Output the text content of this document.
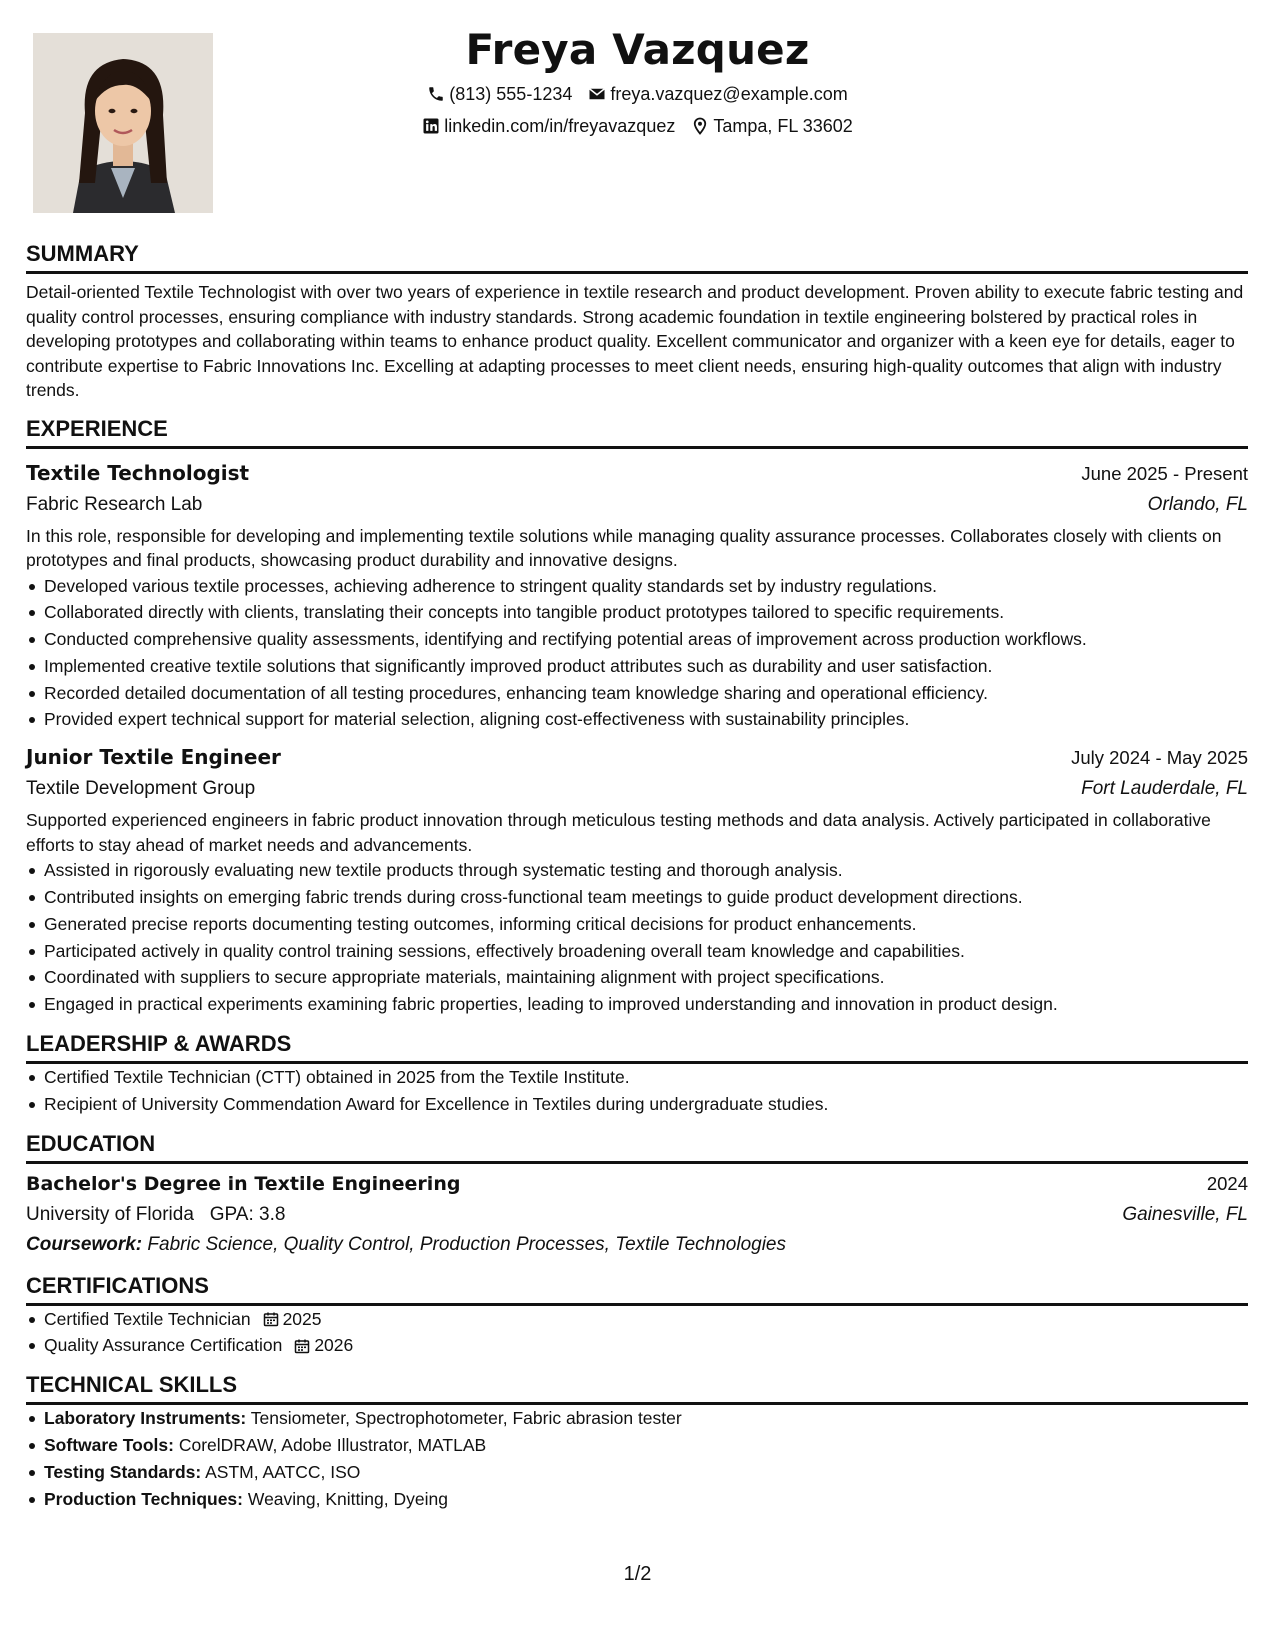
Freya Vazquez
(813) 555-1234 freya.vazquez@example.com
linkedin.com/in/freyavazquez Tampa, FL 33602
SUMMARY

Detail-oriented Textile Technologist with over two years of experience in textile research and product development. Proven ability to execute fabric testing and quality control processes, ensuring compliance with industry standards. Strong academic foundation in textile engineering bolstered by practical roles in developing prototypes and collaborating within teams to enhance product quality. Excellent communicator and organizer with a keen eye for details, eager to contribute expertise to Fabric Innovations Inc. Excelling at adapting processes to meet client needs, ensuring high-quality outcomes that align with industry trends.

EXPERIENCE
Textile Technologist	June 2025 - Present
Fabric Research Lab	Orlando, FL

In this role, responsible for developing and implementing textile solutions while managing quality assurance processes. Collaborates closely with clients on prototypes and final products, showcasing product durability and innovative designs.

Developed various textile processes, achieving adherence to stringent quality standards set by industry regulations.
Collaborated directly with clients, translating their concepts into tangible product prototypes tailored to specific requirements.
Conducted comprehensive quality assessments, identifying and rectifying potential areas of improvement across production workflows.
Implemented creative textile solutions that significantly improved product attributes such as durability and user satisfaction.
Recorded detailed documentation of all testing procedures, enhancing team knowledge sharing and operational efficiency.
Provided expert technical support for material selection, aligning cost-effectiveness with sustainability principles.
Junior Textile Engineer	July 2024 - May 2025
Textile Development Group	Fort Lauderdale, FL

Supported experienced engineers in fabric product innovation through meticulous testing methods and data analysis. Actively participated in collaborative efforts to stay ahead of market needs and advancements.

Assisted in rigorously evaluating new textile products through systematic testing and thorough analysis.
Contributed insights on emerging fabric trends during cross-functional team meetings to guide product development directions.
Generated precise reports documenting testing outcomes, informing critical decisions for product enhancements.
Participated actively in quality control training sessions, effectively broadening overall team knowledge and capabilities.
Coordinated with suppliers to secure appropriate materials, maintaining alignment with project specifications.
Engaged in practical experiments examining fabric properties, leading to improved understanding and innovation in product design.
LEADERSHIP & AWARDS
Certified Textile Technician (CTT) obtained in 2025 from the Textile Institute.
Recipient of University Commendation Award for Excellence in Textiles during undergraduate studies.
EDUCATION
Bachelor's Degree in Textile Engineering	2024
University of Florida GPA: 3.8	Gainesville, FL
Coursework: Fabric Science, Quality Control, Production Processes, Textile Technologies
CERTIFICATIONS
Certified Textile Technician 2025
Quality Assurance Certification 2026
TECHNICAL SKILLS
Laboratory Instruments: Tensiometer, Spectrophotometer, Fabric abrasion tester
Software Tools: CorelDRAW, Adobe Illustrator, MATLAB
Testing Standards: ASTM, AATCC, ISO
Production Techniques: Weaving, Knitting, Dyeing
1/2
